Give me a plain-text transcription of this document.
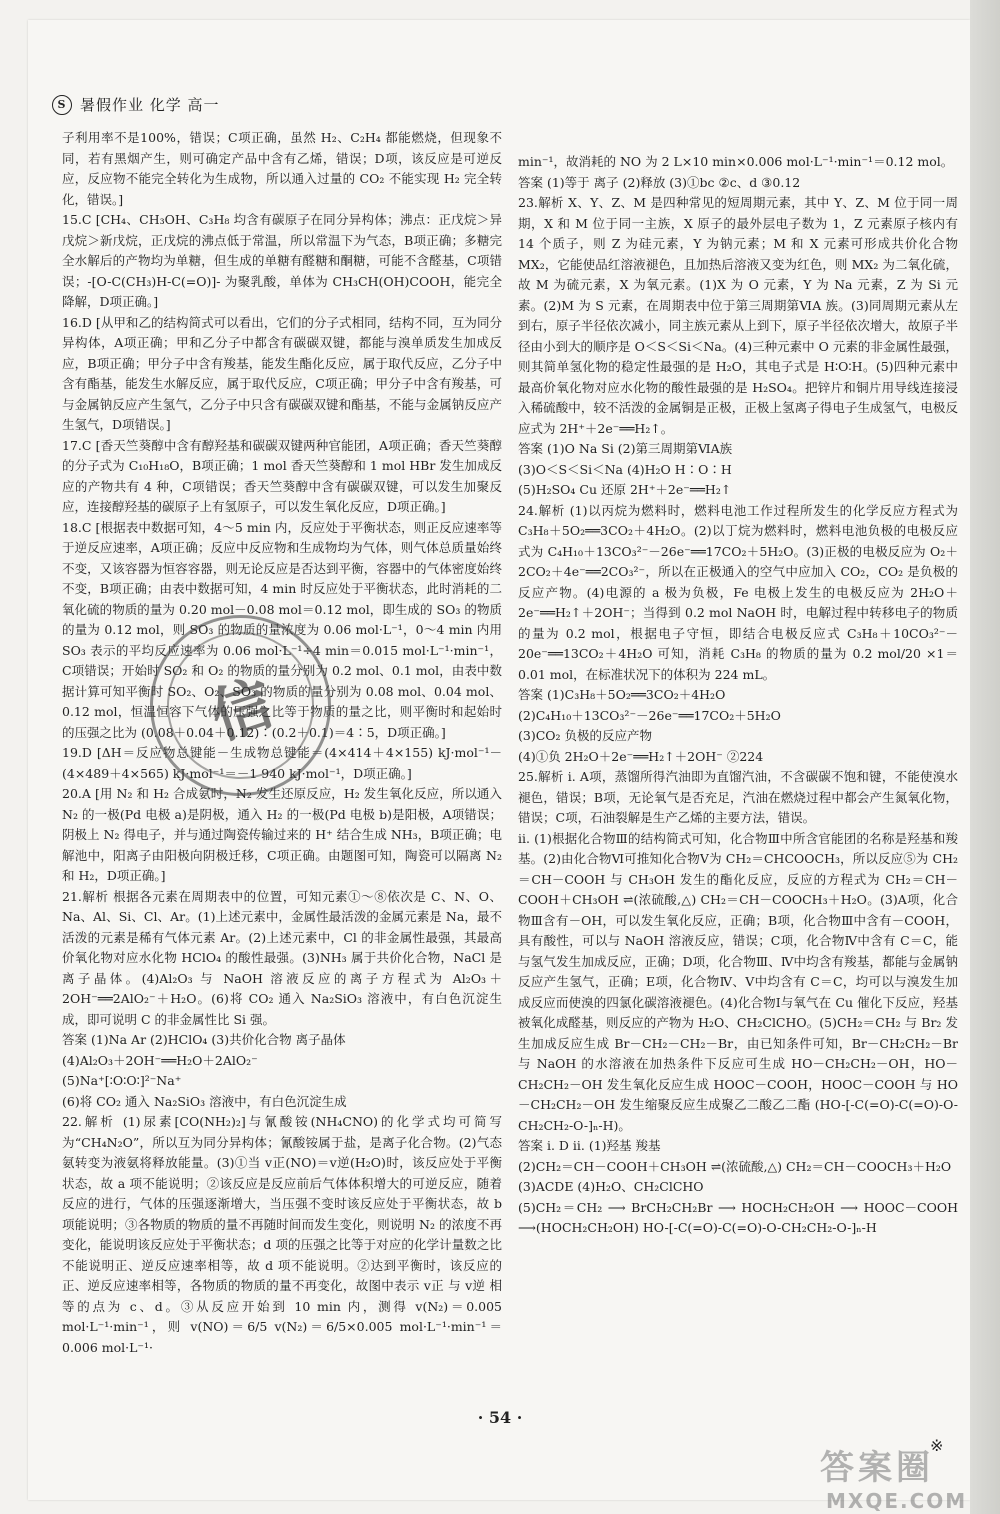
S 暑假作业 化学 高一

子利用率不是100%，错误；C项正确，虽然 H₂、C₂H₄ 都能燃烧，但现象不同，若有黑烟产生，则可确定产品中含有乙烯，错误；D项，该反应是可逆反应，反应物不能完全转化为生成物，所以通入过量的 CO₂ 不能实现 H₂ 完全转化，错误。]

15.C [CH₄、CH₃OH、C₃H₈ 均含有碳原子在同分异构体；沸点：正戊烷＞异戊烷＞新戊烷，正戊烷的沸点低于常温，所以常温下为气态，B项正确；多糖完全水解后的产物均为单糖，但生成的单糖有醛糖和酮糖，可能不含醛基，C项错误；-[O-C(CH₃)H-C(=O)]- 为聚乳酸，单体为 CH₃CH(OH)COOH，能完全降解，D项正确。]

16.D [从甲和乙的结构简式可以看出，它们的分子式相同，结构不同，互为同分异构体，A项正确；甲和乙分子中都含有碳碳双键，都能与溴单质发生加成反应，B项正确；甲分子中含有羧基，能发生酯化反应，属于取代反应，乙分子中含有酯基，能发生水解反应，属于取代反应，C项正确；甲分子中含有羧基，可与金属钠反应产生氢气，乙分子中只含有碳碳双键和酯基，不能与金属钠反应产生氢气，D项错误。]

17.C [香天竺葵醇中含有醇羟基和碳碳双键两种官能团，A项正确；香天竺葵醇的分子式为 C₁₀H₁₈O，B项正确；1 mol 香天竺葵醇和 1 mol HBr 发生加成反应的产物共有 4 种，C项错误；香天竺葵醇中含有碳碳双键，可以发生加聚反应，连接醇羟基的碳原子上有氢原子，可以发生氧化反应，D项正确。]

18.C [根据表中数据可知，4～5 min 内，反应处于平衡状态，则正反应速率等于逆反应速率，A项正确；反应中反应物和生成物均为气体，则气体总质量始终不变，又该容器为恒容容器，则无论反应是否达到平衡，容器中的气体密度始终不变，B项正确；由表中数据可知，4 min 时反应处于平衡状态，此时消耗的二氧化硫的物质的量为 0.20 mol－0.08 mol＝0.12 mol，即生成的 SO₃ 的物质的量为 0.12 mol，则 SO₃ 的物质的量浓度为 0.06 mol·L⁻¹，0～4 min 内用 SO₃ 表示的平均反应速率为 0.06 mol·L⁻¹÷4 min＝0.015 mol·L⁻¹·min⁻¹，C项错误；开始时 SO₂ 和 O₂ 的物质的量分别为 0.2 mol、0.1 mol，由表中数据计算可知平衡时 SO₂、O₂、SO₃ 的物质的量分别为 0.08 mol、0.04 mol、0.12 mol，恒温恒容下气体的压强之比等于物质的量之比，则平衡时和起始时的压强之比为 (0.08＋0.04＋0.12)∶(0.2＋0.1)＝4∶5，D项正确。]

19.D [ΔH＝反应物总键能－生成物总键能＝(4×414＋4×155) kJ·mol⁻¹－(4×489＋4×565) kJ·mol⁻¹＝－1 940 kJ·mol⁻¹，D项正确。]

20.A [用 N₂ 和 H₂ 合成氨时，N₂ 发生还原反应，H₂ 发生氧化反应，所以通入 N₂ 的一极(Pd 电极 a)是阴极，通入 H₂ 的一极(Pd 电极 b)是阳极，A项错误；阴极上 N₂ 得电子，并与通过陶瓷传输过来的 H⁺ 结合生成 NH₃，B项正确；电解池中，阳离子由阳极向阴极迁移，C项正确。由题图可知，陶瓷可以隔离 N₂ 和 H₂，D项正确。]

21.解析 根据各元素在周期表中的位置，可知元素①～⑧依次是 C、N、O、Na、Al、Si、Cl、Ar。(1)上述元素中，金属性最活泼的金属元素是 Na，最不活泼的元素是稀有气体元素 Ar。(2)上述元素中，Cl 的非金属性最强，其最高价氧化物对应水化物 HClO₄ 的酸性最强。(3)NH₃ 属于共价化合物，NaCl 是离子晶体。(4)Al₂O₃ 与 NaOH 溶液反应的离子方程式为 Al₂O₃＋2OH⁻══2AlO₂⁻＋H₂O。(6)将 CO₂ 通入 Na₂SiO₃ 溶液中，有白色沉淀生成，即可说明 C 的非金属性比 Si 强。

答案 (1)Na Ar (2)HClO₄ (3)共价化合物 离子晶体

(4)Al₂O₃＋2OH⁻══H₂O＋2AlO₂⁻

(5)Na⁺[∶O∶O∶]²⁻Na⁺

(6)将 CO₂ 通入 Na₂SiO₃ 溶液中，有白色沉淀生成

22.解析 (1)尿素[CO(NH₂)₂]与氰酸铵(NH₄CNO)的化学式均可简写为“CH₄N₂O”，所以互为同分异构体；氰酸铵属于盐，是离子化合物。(2)气态氨转变为液氨将释放能量。(3)①当 v正(NO)＝v逆(H₂O)时，该反应处于平衡状态，故 a 项不能说明；②该反应是反应前后气体体积增大的可逆反应，随着反应的进行，气体的压强逐渐增大，当压强不变时该反应处于平衡状态，故 b 项能说明；③各物质的物质的量不再随时间而发生变化，则说明 N₂ 的浓度不再变化，能说明该反应处于平衡状态；d 项的压强之比等于对应的化学计量数之比不能说明正、逆反应速率相等，故 d 项不能说明。②达到平衡时，该反应的正、逆反应速率相等，各物质的物质的量不再变化，故图中表示 v正 与 v逆 相等的点为 c、d。③从反应开始到 10 min 内，测得 v(N₂)＝0.005 mol·L⁻¹·min⁻¹，则 v(NO)＝6/5 v(N₂)＝6/5×0.005 mol·L⁻¹·min⁻¹＝0.006 mol·L⁻¹·

min⁻¹，故消耗的 NO 为 2 L×10 min×0.006 mol·L⁻¹·min⁻¹＝0.12 mol。

答案 (1)等于 离子 (2)释放 (3)①bc ②c、d ③0.12

23.解析 X、Y、Z、M 是四种常见的短周期元素，其中 Y、Z、M 位于同一周期，X 和 M 位于同一主族，X 原子的最外层电子数为 1，Z 元素原子核内有 14 个质子，则 Z 为硅元素，Y 为钠元素；M 和 X 元素可形成共价化合物 MX₂，它能使品红溶液褪色，且加热后溶液又变为红色，则 MX₂ 为二氧化硫，故 M 为硫元素，X 为氧元素。(1)X 为 O 元素，Y 为 Na 元素，Z 为 Si 元素。(2)M 为 S 元素，在周期表中位于第三周期第ⅥA 族。(3)同周期元素从左到右，原子半径依次减小，同主族元素从上到下，原子半径依次增大，故原子半径由小到大的顺序是 O＜S＜Si＜Na。(4)三种元素中 O 元素的非金属性最强，则其简单氢化物的稳定性最强的是 H₂O，其电子式是 H∶O∶H。(5)四种元素中最高价氧化物对应水化物的酸性最强的是 H₂SO₄。把锌片和铜片用导线连接浸入稀硫酸中，较不活泼的金属铜是正极，正极上氢离子得电子生成氢气，电极反应式为 2H⁺＋2e⁻══H₂↑。

答案 (1)O Na Si (2)第三周期第ⅥA族

(3)O＜S＜Si＜Na (4)H₂O H∶O∶H

(5)H₂SO₄ Cu 还原 2H⁺＋2e⁻══H₂↑

24.解析 (1)以丙烷为燃料时，燃料电池工作过程所发生的化学反应方程式为 C₃H₈＋5O₂══3CO₂＋4H₂O。(2)以丁烷为燃料时，燃料电池负极的电极反应式为 C₄H₁₀＋13CO₃²⁻－26e⁻══17CO₂＋5H₂O。(3)正极的电极反应为 O₂＋2CO₂＋4e⁻══2CO₃²⁻，所以在正极通入的空气中应加入 CO₂，CO₂ 是负极的反应产物。(4)电源的 a 极为负极，Fe 电极上发生的电极反应为 2H₂O＋2e⁻══H₂↑＋2OH⁻；当得到 0.2 mol NaOH 时，电解过程中转移电子的物质的量为 0.2 mol，根据电子守恒，即结合电极反应式 C₃H₈＋10CO₃²⁻－20e⁻══13CO₂＋4H₂O 可知，消耗 C₃H₈ 的物质的量为 0.2 mol/20 ×1＝0.01 mol，在标准状况下的体积为 224 mL。

答案 (1)C₃H₈＋5O₂══3CO₂＋4H₂O

(2)C₄H₁₀＋13CO₃²⁻－26e⁻══17CO₂＋5H₂O

(3)CO₂ 负极的反应产物

(4)①负 2H₂O＋2e⁻══H₂↑＋2OH⁻ ②224

25.解析 i. A项，蒸馏所得汽油即为直馏汽油，不含碳碳不饱和键，不能使溴水褪色，错误；B项，无论氧气是否充足，汽油在燃烧过程中都会产生氮氧化物，错误；C项，石油裂解是生产乙烯的主要方法，错误。

ii. (1)根据化合物Ⅲ的结构简式可知，化合物Ⅲ中所含官能团的名称是羟基和羧基。(2)由化合物Ⅵ可推知化合物Ⅴ为 CH₂＝CHCOOCH₃，所以反应⑤为 CH₂＝CH－COOH 与 CH₃OH 发生的酯化反应，反应的方程式为 CH₂＝CH－COOH＋CH₃OH ⇌(浓硫酸,△) CH₂＝CH－COOCH₃＋H₂O。(3)A项，化合物Ⅲ含有－OH，可以发生氧化反应，正确；B项，化合物Ⅲ中含有－COOH，具有酸性，可以与 NaOH 溶液反应，错误；C项，化合物Ⅳ中含有 C＝C，能与氢气发生加成反应，正确；D项，化合物Ⅲ、Ⅳ中均含有羧基，都能与金属钠反应产生氢气，正确；E项，化合物Ⅳ、Ⅴ中均含有 C＝C，均可以与溴发生加成反应而使溴的四氯化碳溶液褪色。(4)化合物Ⅰ与氧气在 Cu 催化下反应，羟基被氧化成醛基，则反应的产物为 H₂O、CH₂ClCHO。(5)CH₂＝CH₂ 与 Br₂ 发生加成反应生成 Br－CH₂－CH₂－Br，由已知条件可知，Br－CH₂CH₂－Br 与 NaOH 的水溶液在加热条件下反应可生成 HO－CH₂CH₂－OH，HO－CH₂CH₂－OH 发生氧化反应生成 HOOC－COOH，HOOC－COOH 与 HO－CH₂CH₂－OH 发生缩聚反应生成聚乙二酸乙二酯 (HO-[-C(=O)-C(=O)-O-CH₂CH₂-O-]ₙ-H)。

答案 i. D ii. (1)羟基 羧基

(2)CH₂＝CH－COOH＋CH₃OH ⇌(浓硫酸,△) CH₂＝CH－COOCH₃＋H₂O

(3)ACDE (4)H₂O、CH₂ClCHO

(5)CH₂＝CH₂ ⟶ BrCH₂CH₂Br ⟶ HOCH₂CH₂OH ⟶ HOOC－COOH ⟶(HOCH₂CH₂OH) HO-[-C(=O)-C(=O)-O-CH₂CH₂-O-]ₙ-H

信
· 54 ·
※
答案圈 MXQE.COM
